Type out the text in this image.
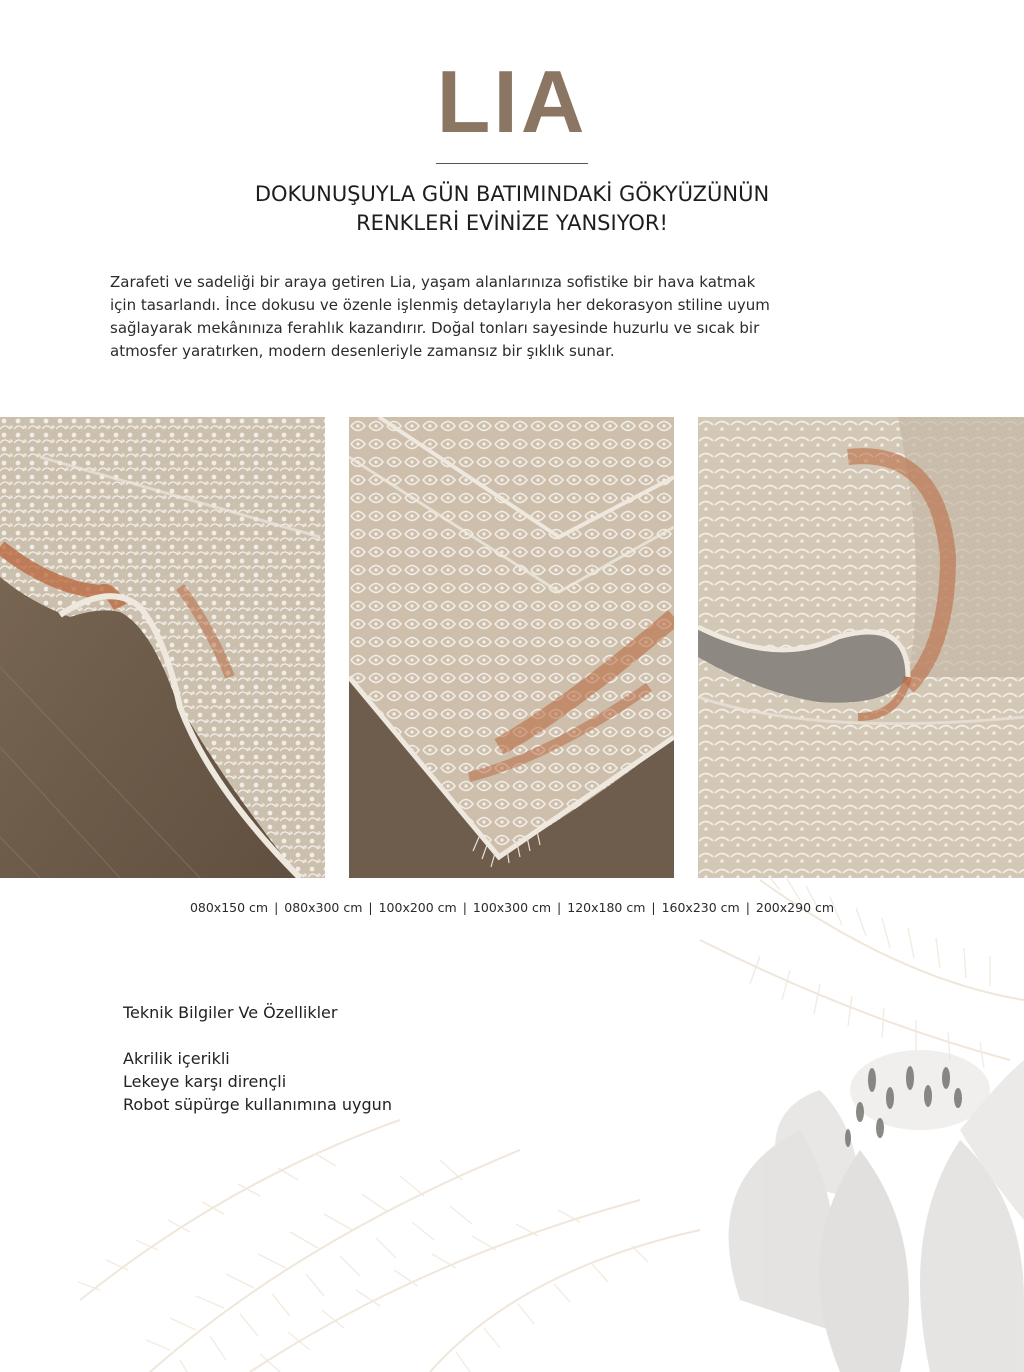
LIA
DOKUNUŞUYLA GÜN BATIMINDAKİ GÖKYÜZÜNÜN
RENKLERİ EVİNİZE YANSIYOR!
Zarafeti ve sadeliği bir araya getiren Lia, yaşam alanlarınıza sofistike bir hava katmak
için tasarlandı. İnce dokusu ve özenle işlenmiş detaylarıyla her dekorasyon stiline uyum
sağlayarak mekânınıza ferahlık kazandırır. Doğal tonları sayesinde huzurlu ve sıcak bir
atmosfer yaratırken, modern desenleriyle zamansız bir şıklık sunar.
080x150 cm | 080x300 cm | 100x200 cm | 100x300 cm | 120x180 cm | 160x230 cm | 200x290 cm
Teknik Bilgiler Ve Özellikler
Akrilik içerikli
Lekeye karşı dirençli
Robot süpürge kullanımına uygun
